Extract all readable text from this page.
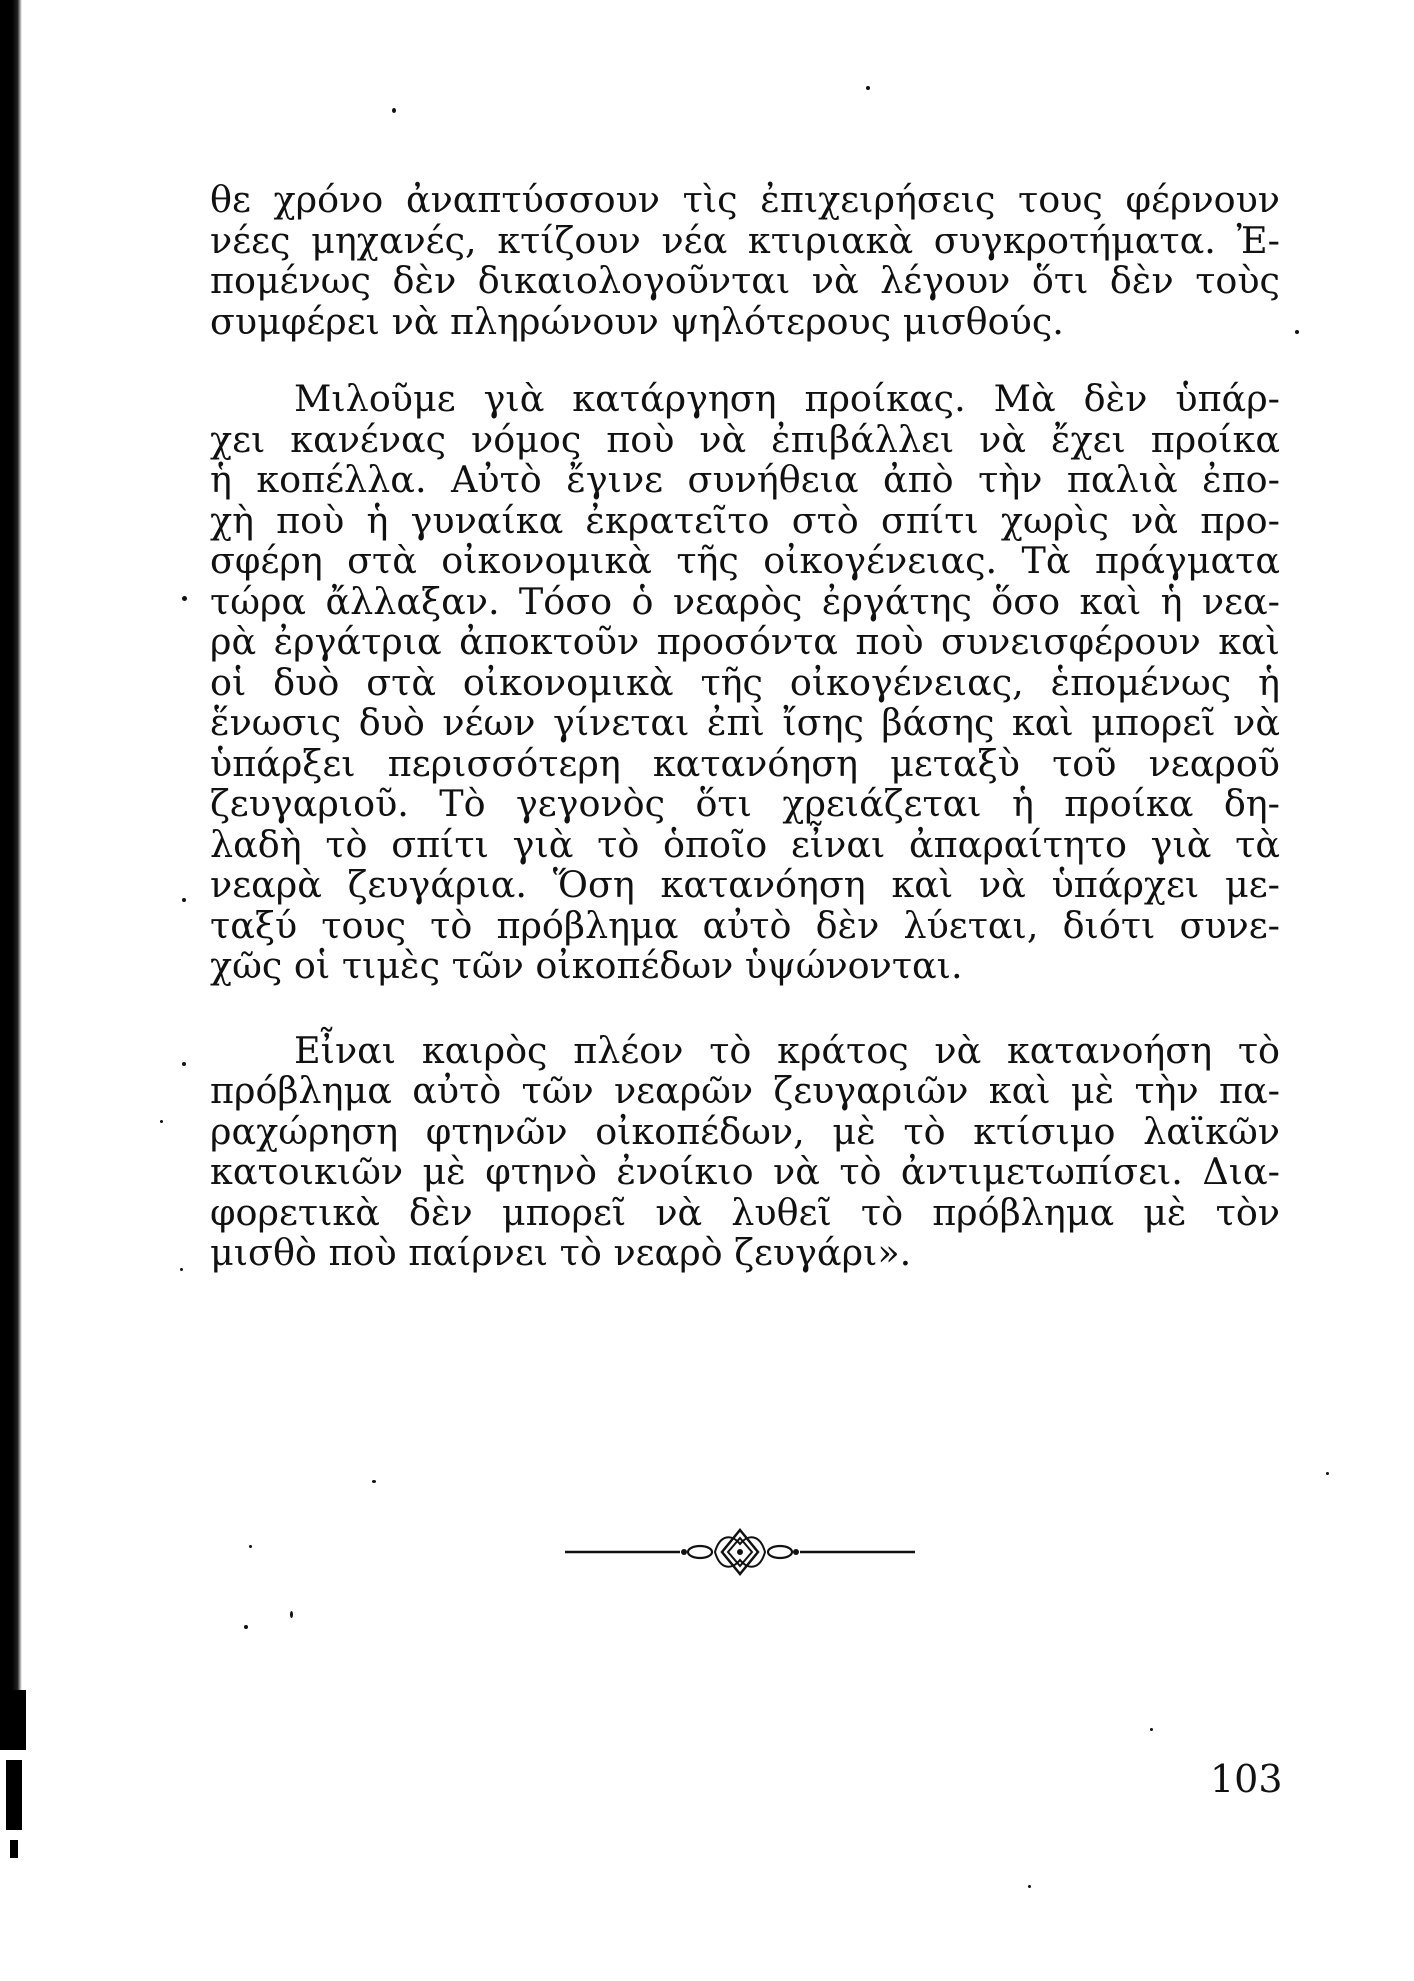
θε χρόνο ἀναπτύσσουν τὶς ἐπιχειρήσεις τους φέρνουν
νέες μηχανές, κτίζουν νέα κτιριακὰ συγκροτήματα. Ἐ-
πομένως δὲν δικαιολογοῦνται νὰ λέγουν ὅτι δὲν τοὺς
συμφέρει νὰ πληρώνουν ψηλότερους μισθούς.

Μιλοῦμε γιὰ κατάργηση προίκας. Μὰ δὲν ὑπάρ-
χει κανένας νόμος ποὺ νὰ ἐπιβάλλει νὰ ἔχει προίκα
ἡ κοπέλλα. Αὐτὸ ἔγινε συνήθεια ἀπὸ τὴν παλιὰ ἐπο-
χὴ ποὺ ἡ γυναίκα ἐκρατεῖτο στὸ σπίτι χωρὶς νὰ προ-
σφέρη στὰ οἰκονομικὰ τῆς οἰκογένειας. Τὰ πράγματα
τώρα ἄλλαξαν. Τόσο ὁ νεαρὸς ἐργάτης ὅσο καὶ ἡ νεα-
ρὰ ἐργάτρια ἀποκτοῦν προσόντα ποὺ συνεισφέρουν καὶ
οἱ δυὸ στὰ οἰκονομικὰ τῆς οἰκογένειας, ἑπομένως ἡ
ἕνωσις δυὸ νέων γίνεται ἐπὶ ἴσης βάσης καὶ μπορεῖ νὰ
ὑπάρξει περισσότερη κατανόηση μεταξὺ τοῦ νεαροῦ
ζευγαριοῦ. Τὸ γεγονὸς ὅτι χρειάζεται ἡ προίκα δη-
λαδὴ τὸ σπίτι γιὰ τὸ ὁποῖο εἶναι ἀπαραίτητο γιὰ τὰ
νεαρὰ ζευγάρια. Ὅση κατανόηση καὶ νὰ ὑπάρχει με-
ταξύ τους τὸ πρόβλημα αὐτὸ δὲν λύεται, διότι συνε-
χῶς οἱ τιμὲς τῶν οἰκοπέδων ὑψώνονται.

Εἶναι καιρὸς πλέον τὸ κράτος νὰ κατανοήση τὸ
πρόβλημα αὐτὸ τῶν νεαρῶν ζευγαριῶν καὶ μὲ τὴν πα-
ραχώρηση φτηνῶν οἰκοπέδων, μὲ τὸ κτίσιμο λαϊκῶν
κατοικιῶν μὲ φτηνὸ ἐνοίκιο νὰ τὸ ἀντιμετωπίσει. Δια-
φορετικὰ δὲν μπορεῖ νὰ λυθεῖ τὸ πρόβλημα μὲ τὸν
μισθὸ ποὺ παίρνει τὸ νεαρὸ ζευγάρι».

103
